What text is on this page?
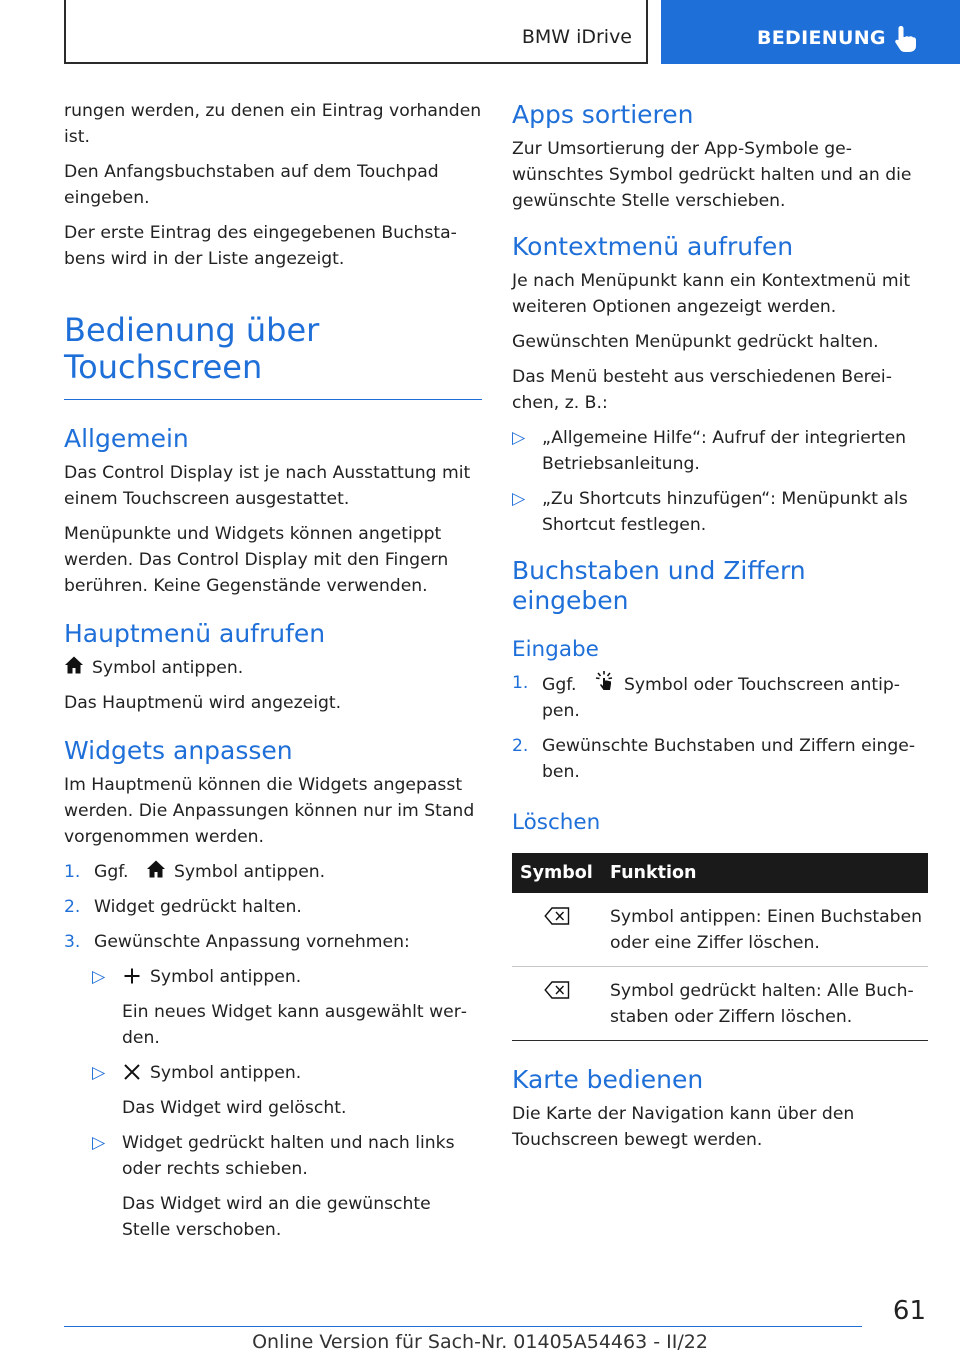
BMW iDrive	BEDIENUNG

rungen werden, zu denen ein Eintrag vorhanden ist.

Den Anfangsbuchstaben auf dem Touchpad eingeben.

Der erste Eintrag des eingegebenen Buchstabens wird in der Liste angezeigt.

Bedienung über Touchscreen
Allgemein

Das Control Display ist je nach Ausstattung mit einem Touchscreen ausgestattet.

Menüpunkte und Widgets können angetippt werden. Das Control Display mit den Fingern berühren. Keine Gegenstände verwenden.

Hauptmenü aufrufen

Symbol antippen.

Das Hauptmenü wird angezeigt.

Widgets anpassen

Im Hauptmenü können die Widgets angepasst werden. Die Anpassungen können nur im Stand vorgenommen werden.

1. Ggf.	Symbol antippen.
2. Widget gedrückt halten.
3. Gewünschte Anpassung vornehmen:
▷	Symbol antippen.
Ein neues Widget kann ausgewählt werden.
▷	Symbol antippen.
Das Widget wird gelöscht.
▷ Widget gedrückt halten und nach links oder rechts schieben.
Das Widget wird an die gewünschte Stelle verschoben.
Apps sortieren

Zur Umsortierung der App-Symbole gewünschtes Symbol gedrückt halten und an die gewünschte Stelle verschieben.

Kontextmenü aufrufen

Je nach Menüpunkt kann ein Kontextmenü mit weiteren Optionen angezeigt werden.

Gewünschten Menüpunkt gedrückt halten.

Das Menü besteht aus verschiedenen Bereichen, z. B.:

▷ „Allgemeine Hilfe“: Aufruf der integrierten Betriebsanleitung.
▷ „Zu Shortcuts hinzufügen“: Menüpunkt als Shortcut festlegen.
Buchstaben und Ziffern eingeben
Eingabe
1. Ggf.	Symbol oder Touchscreen antippen.
2. Gewünschte Buchstaben und Ziffern eingeben.
Löschen
Symbol	Funktion
	Symbol antippen: Einen Buchstaben oder eine Ziffer löschen.
	Symbol gedrückt halten: Alle Buchstaben oder Ziffern löschen.
Karte bedienen

Die Karte der Navigation kann über den Touchscreen bewegt werden.

61
Online Version für Sach-Nr. 01405A54463 - II/22
